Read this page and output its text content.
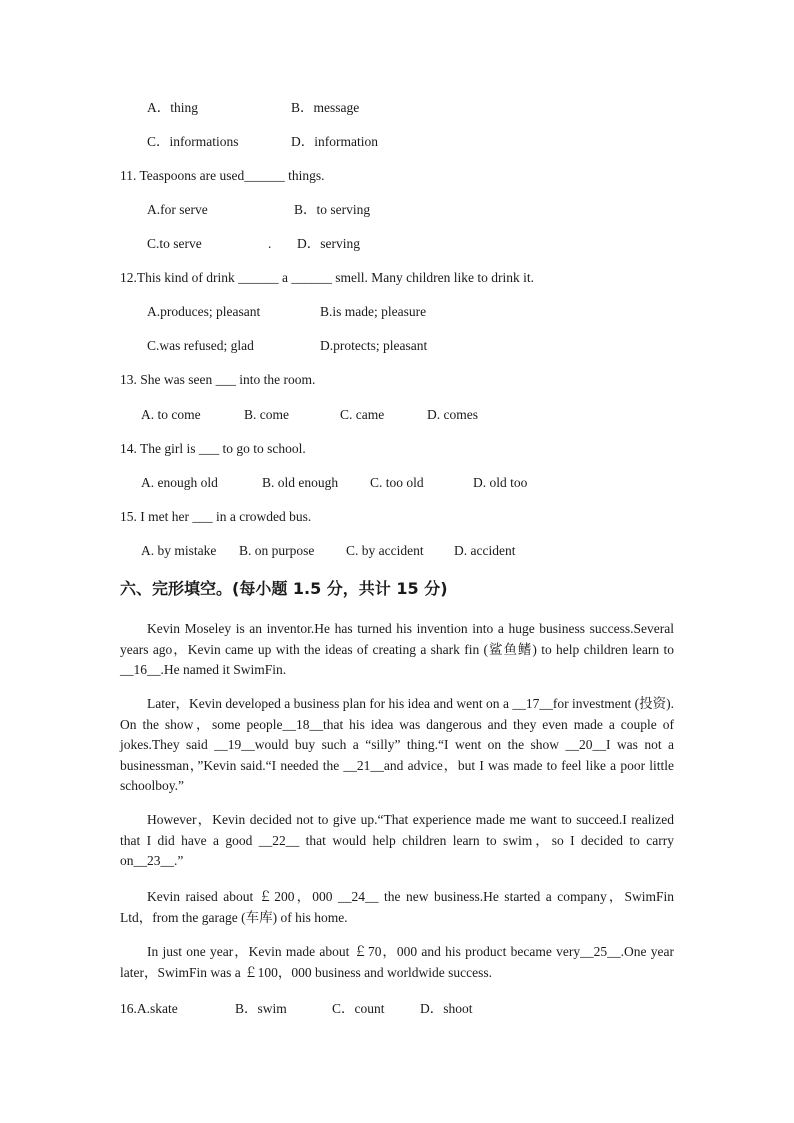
A．thing	B．message
C．informations	D．information
11. Teaspoons are used______ things.
A.for serve	B．to serving
C.to serve	. D．serving
12.This kind of drink ______ a ______ smell. Many children like to drink it.
A.produces; pleasant	B.is made; pleasure
C.was refused; glad	D.protects; pleasant
13. She was seen ___ into the room.
A. to come	B. come	C. came	D. comes
14. The girl is ___ to go to school.
A. enough old	B. old enough C. too old	D. old too
15. I met her ___ in a crowded bus.
A. by mistake B. on purpose C. by accident D. accident
六、完形填空。(每小题 1.5 分，共计 15 分)

Kevin Moseley is an inventor.He has turned his invention into a huge business success.Several years ago，Kevin came up with the ideas of creating a shark fin (鲨鱼鳍) to help children learn to __16__.He named it SwimFin.

Later，Kevin developed a business plan for his idea and went on a __17__for investment (投资). On the show，some people__18__that his idea was dangerous and they even made a couple of jokes.They said __19__would buy such a “silly” thing.“I went on the show __20__I was not a businessman，”Kevin said.“I needed the __21__and advice，but I was made to feel like a poor little schoolboy.”

However，Kevin decided not to give up.“That experience made me want to succeed.I realized that I did have a good __22__ that would help children learn to swim，so I decided to carry on__23__.”

Kevin raised about ￡200，000 __24__ the new business.He started a company，SwimFin Ltd，from the garage (车库) of his home.

In just one year，Kevin made about ￡70，000 and his product became very__25__.One year later，SwimFin was a ￡100，000 business and worldwide success.

16.A.skate	B．swim	C．count	D．shoot
